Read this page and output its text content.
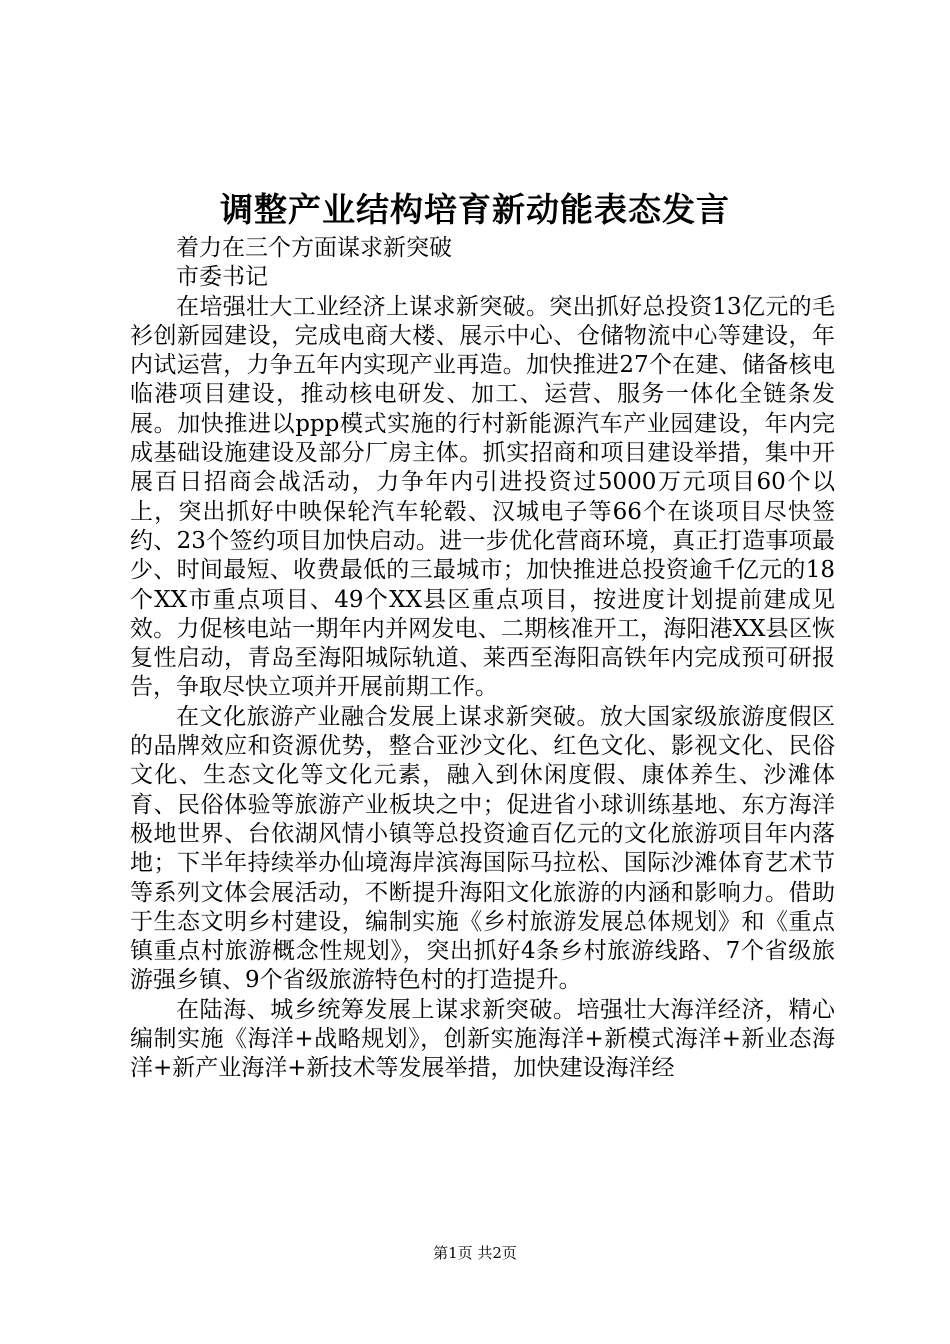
调整产业结构培育新动能表态发言

着力在三个方面谋求新突破

市委书记

在培强壮大工业经济上谋求新突破。突出抓好总投资13亿元的毛衫创新园建设，完成电商大楼、展示中心、仓储物流中心等建设，年内试运营，力争五年内实现产业再造。加快推进27个在建、储备核电临港项目建设，推动核电研发、加工、运营、服务一体化全链条发展。加快推进以ppp模式实施的行村新能源汽车产业园建设，年内完成基础设施建设及部分厂房主体。抓实招商和项目建设举措，集中开展百日招商会战活动，力争年内引进投资过5000万元项目60个以上，突出抓好中映保轮汽车轮毂、汉城电子等66个在谈项目尽快签约、23个签约项目加快启动。进一步优化营商环境，真正打造事项最少、时间最短、收费最低的三最城市；加快推进总投资逾千亿元的18个XX市重点项目、49个XX县区重点项目，按进度计划提前建成见效。力促核电站一期年内并网发电、二期核准开工，海阳港XX县区恢复性启动，青岛至海阳城际轨道、莱西至海阳高铁年内完成预可研报告，争取尽快立项并开展前期工作。

在文化旅游产业融合发展上谋求新突破。放大国家级旅游度假区的品牌效应和资源优势，整合亚沙文化、红色文化、影视文化、民俗文化、生态文化等文化元素，融入到休闲度假、康体养生、沙滩体育、民俗体验等旅游产业板块之中；促进省小球训练基地、东方海洋极地世界、台依湖风情小镇等总投资逾百亿元的文化旅游项目年内落地；下半年持续举办仙境海岸滨海国际马拉松、国际沙滩体育艺术节等系列文体会展活动，不断提升海阳文化旅游的内涵和影响力。借助于生态文明乡村建设，编制实施《乡村旅游发展总体规划》和《重点镇重点村旅游概念性规划》，突出抓好4条乡村旅游线路、7个省级旅游强乡镇、9个省级旅游特色村的打造提升。

在陆海、城乡统筹发展上谋求新突破。培强壮大海洋经济，精心编制实施《海洋+战略规划》，创新实施海洋+新模式海洋+新业态海洋+新产业海洋+新技术等发展举措，加快建设海洋经

第1页 共2页
